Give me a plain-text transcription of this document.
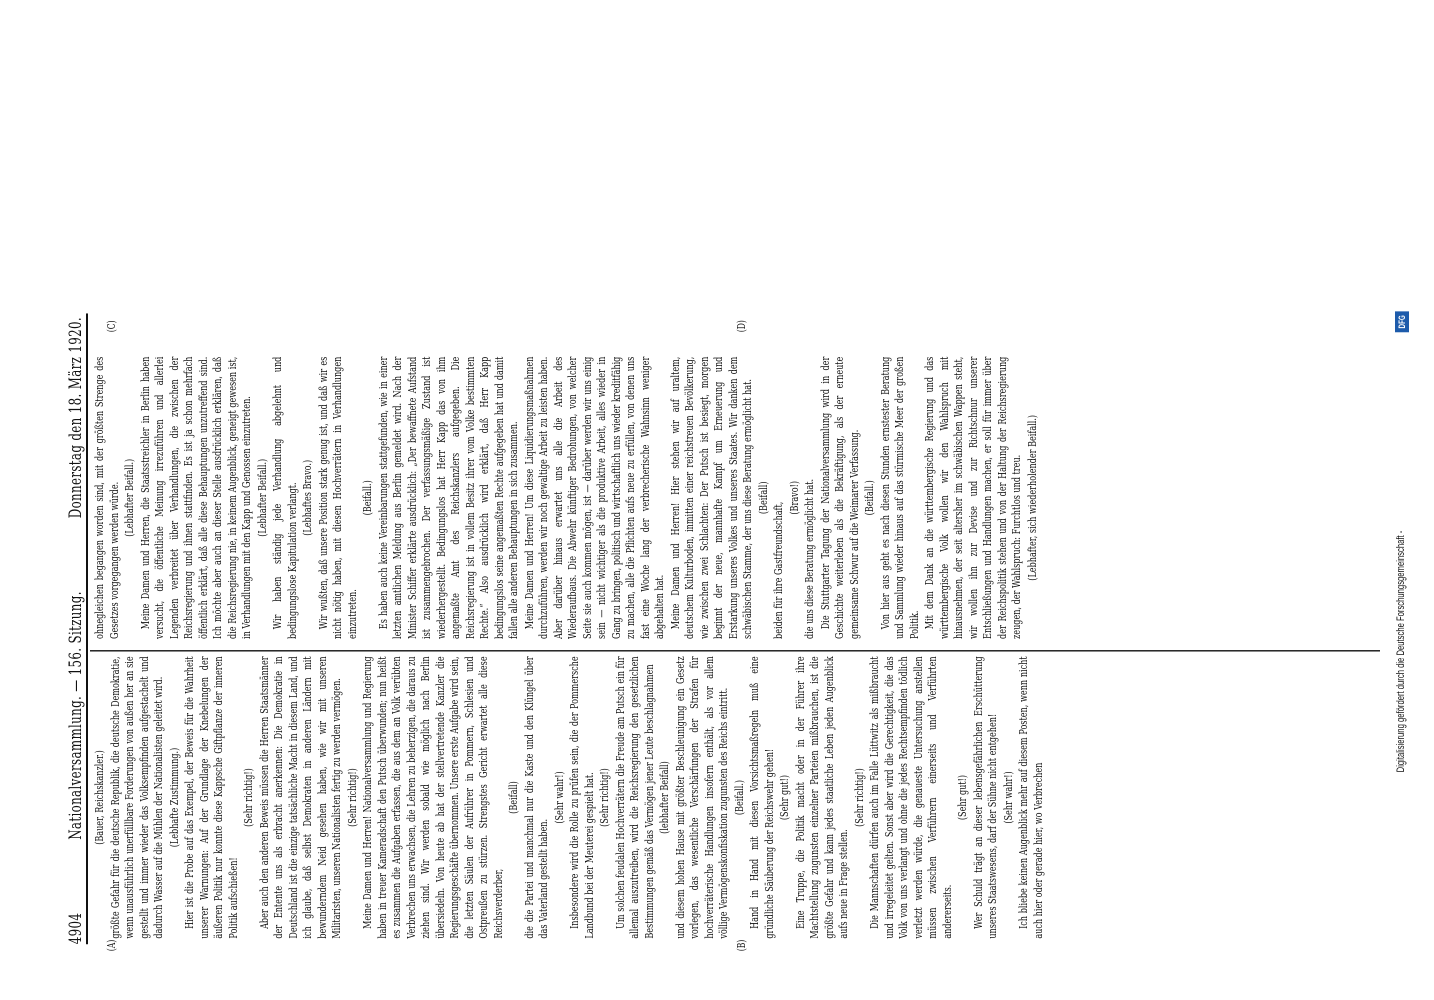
4904
Nationalversammlung. — 156. Sitzung.
Donnerstag den 18. März 1920.
(A)	(B)
(C)	(D)

(Bauer, Reichskanzler.) größte Gefahr für die deutsche Republik, die deutsche Demokratie, wenn unausführlich unerfüllbare Forderungen von außen her an sie gestellt und immer wieder das Volksempfinden aufgestachelt und dadurch Wasser auf die Mühlen der Nationalisten geleitet wird. (Lebhafte Zustimmung.) Hier ist die Probe auf das Exempel, der Beweis für die Wahrheit unserer Warnungen: Auf der Grundlage der Knebelungen der äußeren Politik nur konnte diese Kappsche Giftpflanze der inneren Politik aufschießen!

(Sehr richtig!) Aber auch den anderen Beweis müssen die Herren Staatsmänner der Entente uns als erbracht anerkennen: Die Demokratie in Deutschland ist die einzige tatsächliche Macht in diesem Land, und ich glaube, daß selbst Demokraten in anderen Ländern mit bewunderndem Neid gesehen haben, wie wir mit unseren Militaristen, unseren Nationalisten fertig zu werden vermögen. (Sehr richtig!) Meine Damen und Herren! Nationalversammlung und Regierung haben in treuer Kameradschaft den Putsch überwunden; nun heißt es zusammen die Aufgaben erfassen, die aus dem an Volk verübten Verbrechen uns erwachsen, die Lehren zu beherzigen, die daraus zu ziehen sind. Wir werden sobald wie möglich nach Berlin übersiedeln. Von heute ab hat der stellvertretende Kanzler die Regierungsgeschäfte übernommen. Unsere erste Aufgabe wird sein, die letzten Säulen der Aufrührer in Pommern, Schlesien und Ostpreußen zu stürzen. Strengstes Gericht erwartet alle diese Reichsverderber,

(Beifall) die die Partei und manchmal nur die Kaste und den Klüngel über das Vaterland gestellt haben.

(Sehr wahr!) Insbesondere wird die Rolle zu prüfen sein, die der Pommersche Landbund bei der Meuterei gespielt hat. (Sehr richtig!) Um solchen feudalen Hochverrätern die Freude am Putsch ein für allemal auszutreiben, wird die Reichsregierung den gesetzlichen Bestimmungen gemäß das Vermögen jener Leute beschlagnahmen (lebhafter Beifall) und diesem hohen Hause mit größter Beschleunigung ein Gesetz vorlegen, das wesentliche Verschärfungen der Strafen für hochverräterische Handlungen insofern enthält, als vor allem völlige Vermögenskonfiskation zugunsten des Reichs eintritt. (Beifall.) Hand in Hand mit diesen Vorsichtsmaßregeln muß eine gründliche Säuberung der Reichswehr gehen! (Sehr gut!) Eine Truppe, die Politik macht oder in der Führer ihre Machtstellung zugunsten einzelner Parteien mißbrauchen, ist die größte Gefahr und kann jedes staatliche Leben jeden Augenblick aufs neue in Frage stellen.

(Sehr richtig!) Die Mannschaften dürfen auch im Falle Lüttwitz als mißbraucht und irregeleitet gelten. Sonst aber wird die Gerechtigkeit, die das Volk von uns verlangt und ohne die jedes Rechtsempfinden tödlich verletzt werden würde, die genaueste Untersuchung anstellen müssen zwischen Verführern einerseits und Verführten andererseits.

(Sehr gut!) Wer Schuld trägt an dieser lebensgefährlichen Erschütterung unseres Staatswesens, darf der Sühne nicht entgehen! (Sehr wahr!) Ich bliebe keinen Augenblick mehr auf diesem Posten, wenn nicht auch hier oder gerade hier, wo Verbrechen

ohnegleichen begangen worden sind, mit der größten Strenge des Gesetzes vorgegangen werden würde. (Lebhafter Beifall.) Meine Damen und Herren, die Staatsstreichler in Berlin haben versucht, die öffentliche Meinung irrezuführen und allerlei Legenden verbreitet über Verhandlungen, die zwischen der Reichsregierung und ihnen stattfinden. Es ist ja schon mehrfach öffentlich erklärt, daß alle diese Behauptungen unzutreffend sind. Ich möchte aber auch an dieser Stelle ausdrücklich erklären, daß die Reichsregierung nie, in keinem Augenblick, geneigt gewesen ist, in Verhandlungen mit den Kapp und Genossen einzutreten. (Lebhafter Beifall.) Wir haben ständig jede Verhandlung abgelehnt und bedingungslose Kapitulation verlangt. (Lebhaftes Bravo.) Wir wußten, daß unsere Position stark genug ist, und daß wir es nicht nötig haben, mit diesen Hochverrätern in Verhandlungen einzutreten.

(Beifall.) Es haben auch keine Vereinbarungen stattgefunden, wie in einer letzten amtlichen Meldung aus Berlin gemeldet wird. Nach der Minister Schiffer erklärte ausdrücklich: „Der bewaffnete Aufstand ist zusammengebrochen. Der verfassungsmäßige Zustand ist wiederhergestellt. Bedingungslos hat Herr Kapp das von ihm angemaßte Amt des Reichskanzlers aufgegeben. Die Reichsregierung ist in vollem Besitz ihrer vom Volke bestimmten Rechte.“ Also ausdrücklich wird erklärt, daß Herr Kapp bedingungslos seine angemaßten Rechte aufgegeben hat und damit fallen alle anderen Behauptungen in sich zusammen. Meine Damen und Herren! Um diese Liquidierungsmaßnahmen durchzuführen, werden wir noch gewaltige Arbeit zu leisten haben. Aber darüber hinaus erwartet uns alle die Arbeit des Wiederaufbaus. Die Abwehr künftiger Bedrohungen, von welcher Seite sie auch kommen mögen, ist — darüber werden wir uns einig sein — nicht wichtiger als die produktive Arbeit, alles wieder in Gang zu bringen, politisch und wirtschaftlich uns wieder kreditfähig zu machen, alle die Pflichten aufs neue zu erfüllen, von denen uns fast eine Woche lang der verbrecherische Wahnsinn weniger abgehalten hat. Meine Damen und Herren! Hier stehen wir auf uraltem, deutschem Kulturboden, inmitten einer reichstreuen Bevölkerung, wie zwischen zwei Schlachten: Der Putsch ist besiegt, morgen beginnt der neue, mannhafte Kampf um Erneuerung und Erstarkung unseres Volkes und unseres Staates. Wir danken dem schwäbischen Stamme, der uns diese Beratung ermöglicht hat. (Beifall)

beiden für ihre Gastfreundschaft,

(Bravo!) die uns diese Beratung ermöglicht hat. Die Stuttgarter Tagung der Nationalversammlung wird in der Geschichte weiterleben als die Bekräftigung, als der erneute gemeinsame Schwur auf die Weimarer Verfassung. (Beifall.) Von hier aus geht es nach diesen Stunden ernstester Beratung und Sammlung wieder hinaus auf das stürmische Meer der großen Politik. Mit dem Dank an die württembergische Regierung und das württembergische Volk wollen wir den Wahlspruch mit hinausnehmen, der seit altersher im schwäbischen Wappen steht, wir wollen ihn zur Devise und zur Richtschnur unserer Entschließungen und Handlungen machen, er soll für immer über der Reichspolitik stehen und von der Haltung der Reichsregierung zeugen, der Wahlspruch: Furchtlos und treu. (Lebhafter, sich wiederholender Beifall.)

Digitalisierung gefördert durch die Deutsche Forschungsgemeinschaft -
DFG
